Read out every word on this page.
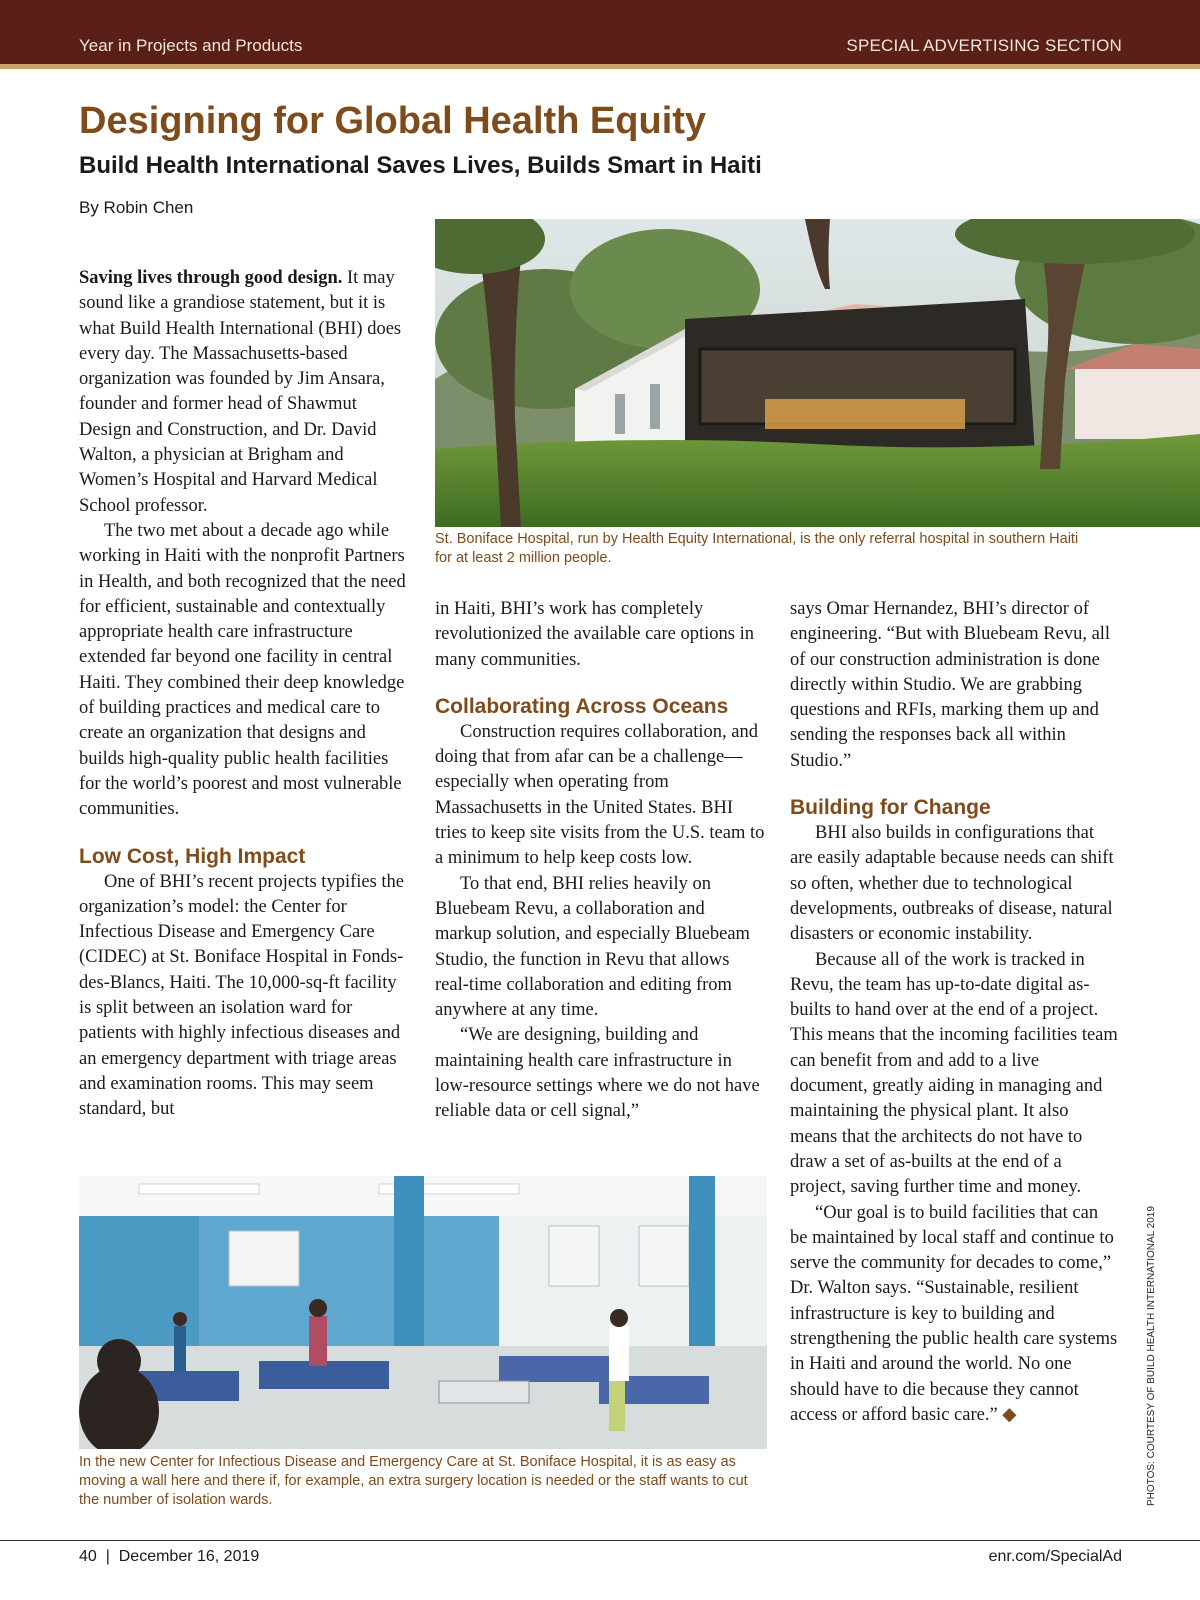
Year in Projects and Products	SPECIAL ADVERTISING SECTION
Designing for Global Health Equity
Build Health International Saves Lives, Builds Smart in Haiti
By Robin Chen
St. Boniface Hospital, run by Health Equity International, is the only referral hospital in southern Haiti for at least 2 million people.

Saving lives through good design. It may sound like a grandiose statement, but it is what Build Health International (BHI) does every day. The Massachusetts-based organization was founded by Jim Ansara, founder and former head of Shawmut Design and Construction, and Dr. David Walton, a physician at Brigham and Women’s Hospital and Harvard Medical School professor.

The two met about a decade ago while working in Haiti with the nonprofit Partners in Health, and both recognized that the need for efficient, sustainable and contextually appropriate health care infrastructure extended far beyond one facility in central Haiti. They combined their deep knowledge of building practices and medical care to create an organization that designs and builds high-quality public health facilities for the world’s poorest and most vulnerable communities.

Low Cost, High Impact

One of BHI’s recent projects typifies the organization’s model: the Center for Infectious Disease and Emergency Care (CIDEC) at St. Boniface Hospital in Fonds-des-Blancs, Haiti. The 10,000-sq-ft facility is split between an isolation ward for patients with highly infectious diseases and an emergency department with triage areas and examination rooms. This may seem standard, but

in Haiti, BHI’s work has completely revolutionized the available care options in many communities.

Collaborating Across Oceans

Construction requires collaboration, and doing that from afar can be a challenge—especially when operating from Massachusetts in the United States. BHI tries to keep site visits from the U.S. team to a minimum to help keep costs low.

To that end, BHI relies heavily on Bluebeam Revu, a collaboration and markup solution, and especially Bluebeam Studio, the function in Revu that allows real-time collaboration and editing from anywhere at any time.

“We are designing, building and maintaining health care infrastructure in low-resource settings where we do not have reliable data or cell signal,”

says Omar Hernandez, BHI’s director of engineering. “But with Bluebeam Revu, all of our construction administration is done directly within Studio. We are grabbing questions and RFIs, marking them up and sending the responses back all within Studio.”

Building for Change

BHI also builds in configurations that are easily adaptable because needs can shift so often, whether due to technological developments, outbreaks of disease, natural disasters or economic instability.

Because all of the work is tracked in Revu, the team has up-to-date digital as-builts to hand over at the end of a project. This means that the incoming facilities team can benefit from and add to a live document, greatly aiding in managing and maintaining the physical plant. It also means that the architects do not have to draw a set of as-builts at the end of a project, saving further time and money.

“Our goal is to build facilities that can be maintained by local staff and continue to serve the community for decades to come,” Dr. Walton says. “Sustainable, resilient infrastructure is key to building and strengthening the public health care systems in Haiti and around the world. No one should have to die because they cannot access or afford basic care.” ◆

In the new Center for Infectious Disease and Emergency Care at St. Boniface Hospital, it is as easy as moving a wall here and there if, for example, an extra surgery location is needed or the staff wants to cut the number of isolation wards.	PHOTOS: COURTESY OF BUILD HEALTH INTERNATIONAL 2019
40  |  December 16, 2019	enr.com/SpecialAd
